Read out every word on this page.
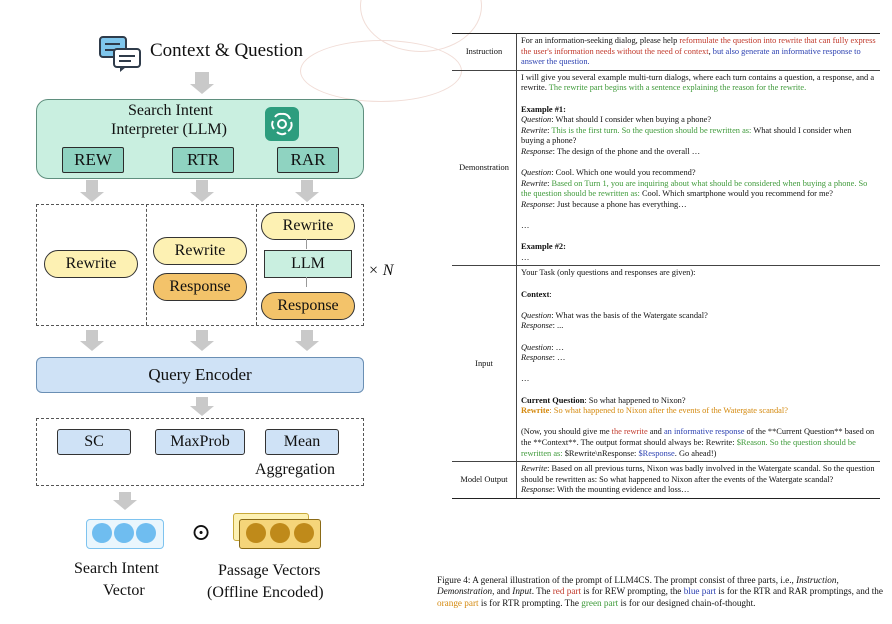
Context & Question
Search Intent
Interpreter (LLM)
REW	RTR	RAR
Rewrite
Rewrite
Response
Rewrite
LLM
Response
× N
Query Encoder
SC	MaxProb	Mean
Aggregation
⊙
Search Intent
Vector
Passage Vectors
(Offline Encoded)
Instruction
For an information-seeking dialog, please help reformulate the question into rewrite that can fully express the user's information needs without the need of context, but also generate an informative response to answer the question.
Demonstration

I will give you several example multi-turn dialogs, where each turn contains a question, a response, and a rewrite. The rewrite part begins with a sentence explaining the reason for the rewrite.

Example #1:

Question: What should I consider when buying a phone?

Rewrite: This is the first turn. So the question should be rewritten as: What should I consider when buying a phone?

Response: The design of the phone and the overall …

Question: Cool. Which one would you recommend?

Rewrite: Based on Turn 1, you are inquiring about what should be considered when buying a phone. So the question should be rewritten as: Cool. Which smartphone would you recommend for me?

Response: Just because a phone has everything…

…

Example #2:

…

Input

Your Task (only questions and responses are given):

Context:

Question: What was the basis of the Watergate scandal?

Response: ...

Question: …

Response: …

…

Current Question: So what happened to Nixon?

Rewrite: So what happened to Nixon after the events of the Watergate scandal?

(Now, you should give me the rewrite and an informative response of the **Current Question** based on the **Context**. The output format should always be: Rewrite: $Reason. So the question should be rewritten as: $Rewrite\nResponse: $Response. Go ahead!)

Model Output

Rewrite: Based on all previous turns, Nixon was badly involved in the Watergate scandal. So the question should be rewritten as: So what happened to Nixon after the events of the Watergate scandal?

Response: With the mounting evidence and loss…

Figure 4: A general illustration of the prompt of LLM4CS. The prompt consist of three parts, i.e., Instruction, Demonstration, and Input. The red part is for REW prompting, the blue part is for the RTR and RAR promptings, and the orange part is for RTR prompting. The green part is for our designed chain-of-thought.
